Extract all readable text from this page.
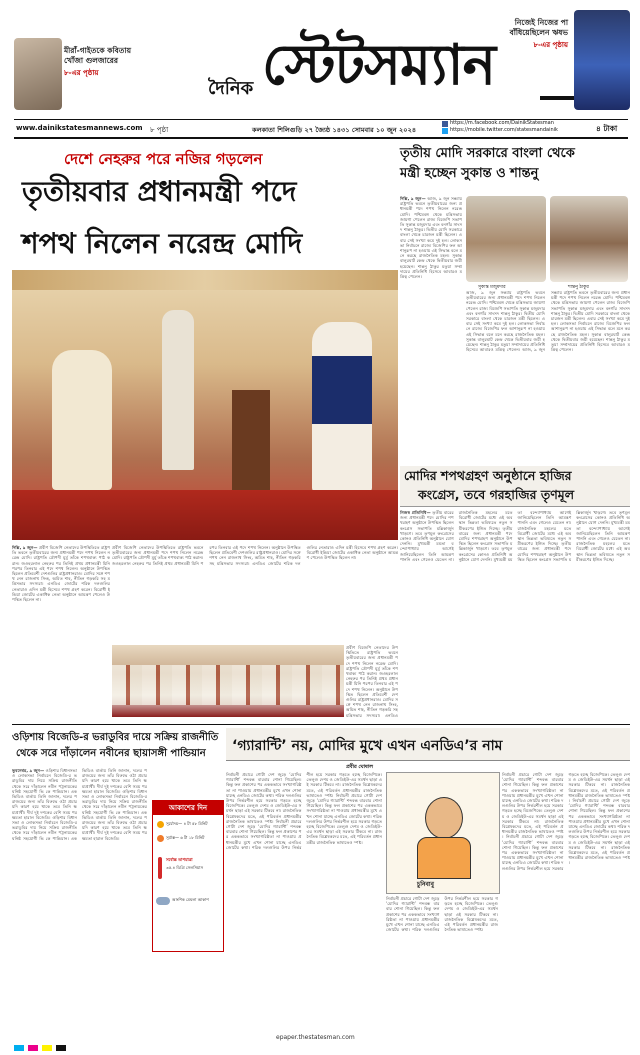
মীরাঁ-গাইতকে কবিতায়
খোঁজা গুলজারের
৮-এর পৃষ্ঠায়
দৈনিক স্টেটসম্যান
নিজেই নিজের পা
বাঁধিয়েছিলেন ঋষভ
৮-এর পৃষ্ঠায়
www.dainikstatesmannews.com ৮ পৃষ্ঠা	কলকাতা শিলিগুড়ি ২৭ জ্যৈষ্ঠ ১৪৩১ সোমবার ১০ জুন ২০২৪
https://m.facebook.com/DainikStatesman
https://mobile.twitter.com/statesmandainik	৪ টাকা
দেশে নেহরুর পরে নজির গড়লেন
তৃতীয়বার প্রধানমন্ত্রী পদে
শপথ নিলেন নরেন্দ্র মোদি
দিল্লি, ৯ জুন— প্রবীণ বিজেপি নেতাদের উপস্থিতিতে রাষ্ট্রপতি ভবনে তৃতীয়বারের জন্য প্রধানমন্ত্রী পদে শপথ নিলেন নরেন্দ্র মোদি। রাষ্ট্রপতি দ্রৌপদী মুর্মু তাঁকে শপথবাক্য পাঠ করান। জওহরলাল নেহরুর পর তিনিই প্রথম প্রধানমন্ত্রী যিনি পরপর তিনবার এই পদে শপথ নিলেন। অনুষ্ঠানে উপস্থিত ছিলেন প্রতিবেশী দেশগুলির রাষ্ট্রপ্রধানরাও। মোদির সঙ্গে শপথ নেন রাজনাথ সিংহ, অমিত শাহ, নীতিন গড়করি সহ মন্ত্রিসভার সদস্যরা। এনডিএ জোটের শরিক দলগুলির নেতারাও এদিন মন্ত্রী হিসেবে শপথ গ্রহণ করেন। বিরোধী ইন্ডিয়া জোটের একাধিক নেতা অনুষ্ঠানে আমন্ত্রণ পেলেও উপস্থিত ছিলেন না।
প্রবীণ বিজেপি নেতাদের উপস্থিতিতে রাষ্ট্রপতি ভবনে তৃতীয়বারের জন্য প্রধানমন্ত্রী পদে শপথ নিলেন নরেন্দ্র মোদি। রাষ্ট্রপতি দ্রৌপদী মুর্মু তাঁকে শপথবাক্য পাঠ করান। জওহরলাল নেহরুর পর তিনিই প্রথম প্রধানমন্ত্রী যিনি পরপর তিনবার এই পদে শপথ নিলেন। অনুষ্ঠানে উপস্থিত ছিলেন প্রতিবেশী দেশগুলির রাষ্ট্রপ্রধানরাও। মোদির সঙ্গে শপথ নেন রাজনাথ সিংহ, অমিত শাহ, নীতিন গড়করি সহ মন্ত্রিসভার সদস্যরা। এনডিএ জোটের শরিক দলগুলির নেতারাও এদিন মন্ত্রী হিসেবে শপথ গ্রহণ করেন। বিরোধী ইন্ডিয়া জোটের একাধিক নেতা অনুষ্ঠানে আমন্ত্রণ পেলেও উপস্থিত ছিলেন না।
প্রবীণ বিজেপি নেতাদের উপস্থিতিতে রাষ্ট্রপতি ভবনে তৃতীয়বারের জন্য প্রধানমন্ত্রী পদে শপথ নিলেন নরেন্দ্র মোদি। রাষ্ট্রপতি দ্রৌপদী মুর্মু তাঁকে শপথবাক্য পাঠ করান। জওহরলাল নেহরুর পর তিনিই প্রথম প্রধানমন্ত্রী যিনি পরপর তিনবার এই পদে শপথ নিলেন। অনুষ্ঠানে উপস্থিত ছিলেন প্রতিবেশী দেশগুলির রাষ্ট্রপ্রধানরাও। মোদির সঙ্গে শপথ নেন রাজনাথ সিংহ, অমিত শাহ, নীতিন গড়করি সহ মন্ত্রিসভার সদস্যরা। এনডিএ
তৃতীয় মোদি সরকারে বাংলা থেকে
মন্ত্রী হচ্ছেন সুকান্ত ও শান্তনু
দিল্লি, ৯ জুন— আজ, ৯ জুন সন্ধ্যায় রাষ্ট্রপতি ভবনে তৃতীয়বারের জন্য প্রধানমন্ত্রী পদে শপথ নিলেন নরেন্দ্র মোদি। পশ্চিমবঙ্গ থেকে মন্ত্রিসভায় জায়গা পেলেন রাজ্য বিজেপি সভাপতি সুকান্ত মজুমদার এবং বনগাঁর সাংসদ শান্তনু ঠাকুর। দ্বিতীয় মোদি সরকারে বাংলা থেকে চারজন মন্ত্রী ছিলেন। এবার সেই সংখ্যা কমে দুই হল। লোকসভা নির্বাচনে রাজ্যে বিজেপির ফল আশানুরূপ না হওয়ায় এই সিদ্ধান্ত বলে মনে করছে রাজনৈতিক মহল। সুকান্ত বালুরঘাট কেন্দ্র থেকে দ্বিতীয়বার জয়ী হয়েছেন। শান্তনু ঠাকুর মতুয়া সম্প্রদায়ের প্রতিনিধি হিসেবে আবারও মন্ত্রিত্ব পেলেন।
সুকান্ত মজুমদার	শান্তনু ঠাকুর
আজ, ৯ জুন সন্ধ্যায় রাষ্ট্রপতি ভবনে তৃতীয়বারের জন্য প্রধানমন্ত্রী পদে শপথ নিলেন নরেন্দ্র মোদি। পশ্চিমবঙ্গ থেকে মন্ত্রিসভায় জায়গা পেলেন রাজ্য বিজেপি সভাপতি সুকান্ত মজুমদার এবং বনগাঁর সাংসদ শান্তনু ঠাকুর। দ্বিতীয় মোদি সরকারে বাংলা থেকে চারজন মন্ত্রী ছিলেন। এবার সেই সংখ্যা কমে দুই হল। লোকসভা নির্বাচনে রাজ্যে বিজেপির ফল আশানুরূপ না হওয়ায় এই সিদ্ধান্ত বলে মনে করছে রাজনৈতিক মহল। সুকান্ত বালুরঘাট কেন্দ্র থেকে দ্বিতীয়বার জয়ী হয়েছেন। শান্তনু ঠাকুর মতুয়া সম্প্রদায়ের প্রতিনিধি হিসেবে আবারও মন্ত্রিত্ব পেলেন। আজ, ৯ জুন সন্ধ্যায় রাষ্ট্রপতি ভবনে তৃতীয়বারের জন্য প্রধানমন্ত্রী পদে শপথ নিলেন নরেন্দ্র মোদি। পশ্চিমবঙ্গ থেকে মন্ত্রিসভায় জায়গা পেলেন রাজ্য বিজেপি সভাপতি সুকান্ত মজুমদার এবং বনগাঁর সাংসদ শান্তনু ঠাকুর। দ্বিতীয় মোদি সরকারে বাংলা থেকে চারজন মন্ত্রী ছিলেন। এবার সেই সংখ্যা কমে দুই হল। লোকসভা নির্বাচনে রাজ্যে বিজেপির ফল আশানুরূপ না হওয়ায় এই সিদ্ধান্ত বলে মনে করছে রাজনৈতিক মহল। সুকান্ত বালুরঘাট কেন্দ্র থেকে দ্বিতীয়বার জয়ী হয়েছেন। শান্তনু ঠাকুর মতুয়া সম্প্রদায়ের প্রতিনিধি হিসেবে আবারও মন্ত্রিত্ব পেলেন।
মোদির শপথগ্রহণ অনুষ্ঠানে হাজির
কংগ্রেস, তবে গরহাজির তৃণমূল
নিজস্ব প্রতিনিধি— তৃতীয় বারের জন্য প্রধানমন্ত্রী পদে মোদির শপথগ্রহণ অনুষ্ঠানে উপস্থিত ছিলেন কংগ্রেস সভাপতি মল্লিকার্জুন খাড়গে। তবে তৃণমূল কংগ্রেসের কোনও প্রতিনিধি অনুষ্ঠানে যোগ দেননি। মুখ্যমন্ত্রী মমতা বন্দ্যোপাধ্যায় আগেই জানিয়েছিলেন তিনি আমন্ত্রণ পাননি এবং গেলেও যেতেন না। রাজনৈতিক মহলের মতে বিরোধী জোটের মধ্যে এই অবস্থান ভিন্নতা ভবিষ্যতে নতুন সমীকরণের ইঙ্গিত দিচ্ছে। তৃতীয় বারের জন্য প্রধানমন্ত্রী পদে মোদির শপথগ্রহণ অনুষ্ঠানে উপস্থিত ছিলেন কংগ্রেস সভাপতি মল্লিকার্জুন খাড়গে। তবে তৃণমূল কংগ্রেসের কোনও প্রতিনিধি অনুষ্ঠানে যোগ দেননি। মুখ্যমন্ত্রী মমতা বন্দ্যোপাধ্যায় আগেই জানিয়েছিলেন তিনি আমন্ত্রণ পাননি এবং গেলেও যেতেন না। রাজনৈতিক মহলের মতে বিরোধী জোটের মধ্যে এই অবস্থান ভিন্নতা ভবিষ্যতে নতুন সমীকরণের ইঙ্গিত দিচ্ছে। তৃতীয় বারের জন্য প্রধানমন্ত্রী পদে মোদির শপথগ্রহণ অনুষ্ঠানে উপস্থিত ছিলেন কংগ্রেস সভাপতি মল্লিকার্জুন খাড়গে। তবে তৃণমূল কংগ্রেসের কোনও প্রতিনিধি অনুষ্ঠানে যোগ দেননি। মুখ্যমন্ত্রী মমতা বন্দ্যোপাধ্যায় আগেই জানিয়েছিলেন তিনি আমন্ত্রণ পাননি এবং গেলেও যেতেন না। রাজনৈতিক মহলের মতে বিরোধী জোটের মধ্যে এই অবস্থান ভিন্নতা ভবিষ্যতে নতুন সমীকরণের ইঙ্গিত দিচ্ছে।
ওড়িশায় বিজেডি-র ভরাডুবির দায়ে সক্রিয় রাজনীতি
থেকে সরে দাঁড়ালেন নবীনের ছায়াসঙ্গী পান্ডিয়ান
ভুবনেশ্বর, ৯ জুন— ওড়িশার বিধানসভা ও লোকসভা নির্বাচনে বিজেডি-র ভরাডুবির দায় নিয়ে সক্রিয় রাজনীতি থেকে সরে দাঁড়ালেন নবীন পট্টনায়কের ঘনিষ্ঠ সহযোগী ভি কে পান্ডিয়ান। এক ভিডিও বার্তায় তিনি জানান, দলের পরাজয়ের জন্য তাঁর বিরুদ্ধে ওঠা প্রচার যদি কারণ হয়ে থাকে তবে তিনি ক্ষমাপ্রার্থী। দীর্ঘ দুই দশকের বেশি সময় পর ক্ষমতা হারাল বিজেডি। ওড়িশার বিধানসভা ও লোকসভা নির্বাচনে বিজেডি-র ভরাডুবির দায় নিয়ে সক্রিয় রাজনীতি থেকে সরে দাঁড়ালেন নবীন পট্টনায়কের ঘনিষ্ঠ সহযোগী ভি কে পান্ডিয়ান। এক ভিডিও বার্তায় তিনি জানান, দলের পরাজয়ের জন্য তাঁর বিরুদ্ধে ওঠা প্রচার যদি কারণ হয়ে থাকে তবে তিনি ক্ষমাপ্রার্থী। দীর্ঘ দুই দশকের বেশি সময় পর ক্ষমতা হারাল বিজেডি। ওড়িশার বিধানসভা ও লোকসভা নির্বাচনে বিজেডি-র ভরাডুবির দায় নিয়ে সক্রিয় রাজনীতি থেকে সরে দাঁড়ালেন নবীন পট্টনায়কের ঘনিষ্ঠ সহযোগী ভি কে পান্ডিয়ান। এক ভিডিও বার্তায় তিনি জানান, দলের পরাজয়ের জন্য তাঁর বিরুদ্ধে ওঠা প্রচার যদি কারণ হয়ে থাকে তবে তিনি ক্ষমাপ্রার্থী। দীর্ঘ দুই দশকের বেশি সময় পর ক্ষমতা হারাল বিজেডি।
আকাশের দিন
সূর্যোদয়— ৪ টা ৫৮ মিনিট
সূর্যাস্ত— ৬ টা ১৮ মিনিট
সর্বোচ্চ তাপমাত্রা
৩৫.৪ ডিগ্রি সেলসিয়াস
আংশিক মেঘলা আকাশ
‘গ্যারান্টি’ নয়, মোদির মুখে এখন এনডিএ’র নাম
প্রবীর ঘোষাল
নির্বাচনী প্রচারে গোটা দেশ জুড়ে ‘মোদির গ্যারান্টি’ শব্দবন্ধ বারবার শোনা গিয়েছিল। কিন্তু ফল প্রকাশের পর এককভাবে সংখ্যাগরিষ্ঠতা না পাওয়ায় প্রধানমন্ত্রীর মুখে এখন শোনা যাচ্ছে এনডিএ জোটের কথা। শরিক দলগুলির উপর নির্ভরশীল হয়ে সরকার গড়তে হচ্ছে বিজেপিকে। তেলুগু দেশম ও জেডিইউ-এর সমর্থন ছাড়া এই সরকার টিকবে না। রাজনৈতিক বিশ্লেষকদের মতে, এই পরিবর্তন প্রধানমন্ত্রীর রাজনৈতিক ভাষাতেও স্পষ্ট। নির্বাচনী প্রচারে গোটা দেশ জুড়ে ‘মোদির গ্যারান্টি’ শব্দবন্ধ বারবার শোনা গিয়েছিল। কিন্তু ফল প্রকাশের পর এককভাবে সংখ্যাগরিষ্ঠতা না পাওয়ায় প্রধানমন্ত্রীর মুখে এখন শোনা যাচ্ছে এনডিএ জোটের কথা। শরিক দলগুলির উপর নির্ভরশীল হয়ে সরকার গড়তে হচ্ছে বিজেপিকে। তেলুগু দেশম ও জেডিইউ-এর সমর্থন ছাড়া এই সরকার টিকবে না। রাজনৈতিক বিশ্লেষকদের মতে, এই পরিবর্তন প্রধানমন্ত্রীর রাজনৈতিক ভাষাতেও স্পষ্ট। নির্বাচনী প্রচারে গোটা দেশ জুড়ে ‘মোদির গ্যারান্টি’ শব্দবন্ধ বারবার শোনা গিয়েছিল। কিন্তু ফল প্রকাশের পর এককভাবে সংখ্যাগরিষ্ঠতা না পাওয়ায় প্রধানমন্ত্রীর মুখে এখন শোনা যাচ্ছে এনডিএ জোটের কথা। শরিক দলগুলির উপর নির্ভরশীল হয়ে সরকার গড়তে হচ্ছে বিজেপিকে। তেলুগু দেশম ও জেডিইউ-এর সমর্থন ছাড়া এই সরকার টিকবে না। রাজনৈতিক বিশ্লেষকদের মতে, এই পরিবর্তন প্রধানমন্ত্রীর রাজনৈতিক ভাষাতেও স্পষ্ট।
চুনিবাবু
নির্বাচনী প্রচারে গোটা দেশ জুড়ে ‘মোদির গ্যারান্টি’ শব্দবন্ধ বারবার শোনা গিয়েছিল। কিন্তু ফল প্রকাশের পর এককভাবে সংখ্যাগরিষ্ঠতা না পাওয়ায় প্রধানমন্ত্রীর মুখে এখন শোনা যাচ্ছে এনডিএ জোটের কথা। শরিক দলগুলির উপর নির্ভরশীল হয়ে সরকার গড়তে হচ্ছে বিজেপিকে। তেলুগু দেশম ও জেডিইউ-এর সমর্থন ছাড়া এই সরকার টিকবে না। রাজনৈতিক বিশ্লেষকদের মতে, এই পরিবর্তন প্রধানমন্ত্রীর রাজনৈতিক ভাষাতেও স্পষ্ট।
নির্বাচনী প্রচারে গোটা দেশ জুড়ে ‘মোদির গ্যারান্টি’ শব্দবন্ধ বারবার শোনা গিয়েছিল। কিন্তু ফল প্রকাশের পর এককভাবে সংখ্যাগরিষ্ঠতা না পাওয়ায় প্রধানমন্ত্রীর মুখে এখন শোনা যাচ্ছে এনডিএ জোটের কথা। শরিক দলগুলির উপর নির্ভরশীল হয়ে সরকার গড়তে হচ্ছে বিজেপিকে। তেলুগু দেশম ও জেডিইউ-এর সমর্থন ছাড়া এই সরকার টিকবে না। রাজনৈতিক বিশ্লেষকদের মতে, এই পরিবর্তন প্রধানমন্ত্রীর রাজনৈতিক ভাষাতেও স্পষ্ট। নির্বাচনী প্রচারে গোটা দেশ জুড়ে ‘মোদির গ্যারান্টি’ শব্দবন্ধ বারবার শোনা গিয়েছিল। কিন্তু ফল প্রকাশের পর এককভাবে সংখ্যাগরিষ্ঠতা না পাওয়ায় প্রধানমন্ত্রীর মুখে এখন শোনা যাচ্ছে এনডিএ জোটের কথা। শরিক দলগুলির উপর নির্ভরশীল হয়ে সরকার গড়তে হচ্ছে বিজেপিকে। তেলুগু দেশম ও জেডিইউ-এর সমর্থন ছাড়া এই সরকার টিকবে না। রাজনৈতিক বিশ্লেষকদের মতে, এই পরিবর্তন প্রধানমন্ত্রীর রাজনৈতিক ভাষাতেও স্পষ্ট। নির্বাচনী প্রচারে গোটা দেশ জুড়ে ‘মোদির গ্যারান্টি’ শব্দবন্ধ বারবার শোনা গিয়েছিল। কিন্তু ফল প্রকাশের পর এককভাবে সংখ্যাগরিষ্ঠতা না পাওয়ায় প্রধানমন্ত্রীর মুখে এখন শোনা যাচ্ছে এনডিএ জোটের কথা। শরিক দলগুলির উপর নির্ভরশীল হয়ে সরকার গড়তে হচ্ছে বিজেপিকে। তেলুগু দেশম ও জেডিইউ-এর সমর্থন ছাড়া এই সরকার টিকবে না। রাজনৈতিক বিশ্লেষকদের মতে, এই পরিবর্তন প্রধানমন্ত্রীর রাজনৈতিক ভাষাতেও স্পষ্ট।
epaper.thestatesman.com
